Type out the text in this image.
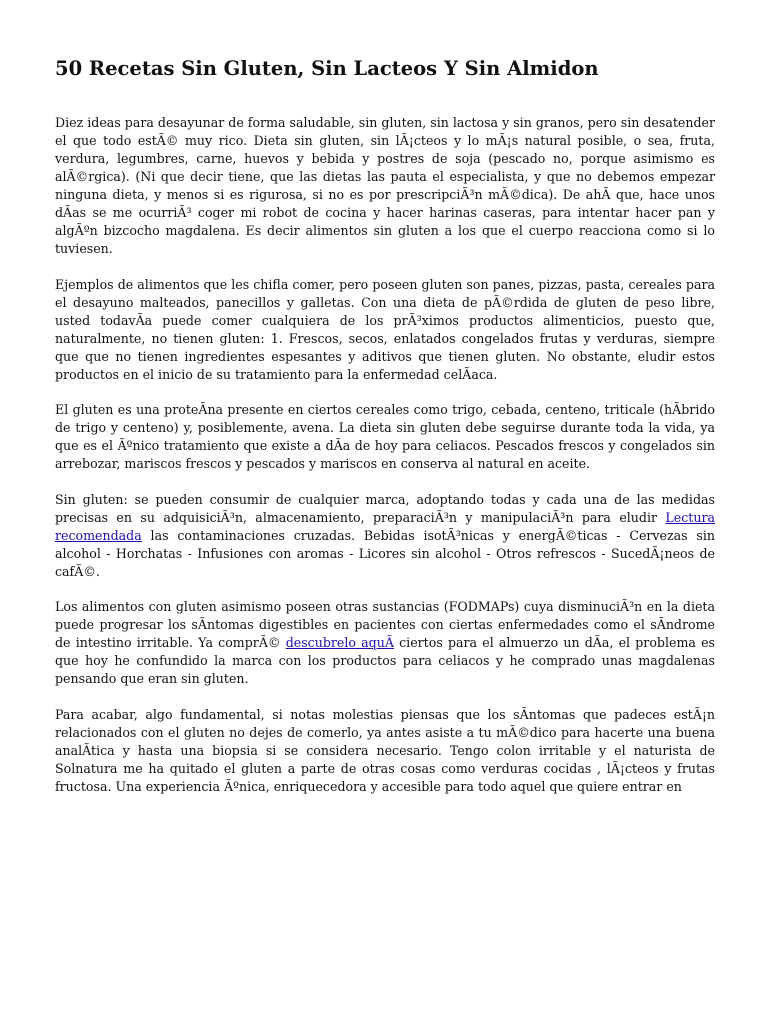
50 Recetas Sin Gluten, Sin Lacteos Y Sin Almidon

Diez ideas para desayunar de forma saludable, sin gluten, sin lactosa y sin granos, pero sin desatender el que todo estÃ© muy rico. Dieta sin gluten, sin lÃ¡cteos y lo mÃ¡s natural posible, o sea, fruta, verdura, legumbres, carne, huevos y bebida y postres de soja (pescado no, porque asimismo es alÃ©rgica). (Ni que decir tiene, que las dietas las pauta el especialista, y que no debemos empezar ninguna dieta, y menos si es rigurosa, si no es por prescripciÃ³n mÃ©dica). De ahÃ que, hace unos dÃas se me ocurriÃ³ coger mi robot de cocina y hacer harinas caseras, para intentar hacer pan y algÃºn bizcocho magdalena. Es decir alimentos sin gluten a los que el cuerpo reacciona como si lo tuviesen.

Ejemplos de alimentos que les chifla comer, pero poseen gluten son panes, pizzas, pasta, cereales para el desayuno malteados, panecillos y galletas. Con una dieta de pÃ©rdida de gluten de peso libre, usted todavÃa puede comer cualquiera de los prÃ³ximos productos alimenticios, puesto que, naturalmente, no tienen gluten: 1. Frescos, secos, enlatados congelados frutas y verduras, siempre que que no tienen ingredientes espesantes y aditivos que tienen gluten. No obstante, eludir estos productos en el inicio de su tratamiento para la enfermedad celÃaca.

El gluten es una proteÃna presente en ciertos cereales como trigo, cebada, centeno, triticale (hÃbrido de trigo y centeno) y, posiblemente, avena. La dieta sin gluten debe seguirse durante toda la vida, ya que es el Ãºnico tratamiento que existe a dÃa de hoy para celiacos. Pescados frescos y congelados sin arrebozar, mariscos frescos y pescados y mariscos en conserva al natural en aceite.

Sin gluten: se pueden consumir de cualquier marca, adoptando todas y cada una de las medidas precisas en su adquisiciÃ³n, almacenamiento, preparaciÃ³n y manipulaciÃ³n para eludir Lectura recomendada las contaminaciones cruzadas. Bebidas isotÃ³nicas y energÃ©ticas - Cervezas sin alcohol - Horchatas - Infusiones con aromas - Licores sin alcohol - Otros refrescos - SucedÃ¡neos de cafÃ©.

Los alimentos con gluten asimismo poseen otras sustancias (FODMAPs) cuya disminuciÃ³n en la dieta puede progresar los sÃntomas digestibles en pacientes con ciertas enfermedades como el sÃndrome de intestino irritable. Ya comprÃ© descubrelo aquÃ ciertos para el almuerzo un dÃa, el problema es que hoy he confundido la marca con los productos para celiacos y he comprado unas magdalenas pensando que eran sin gluten.

Para acabar, algo fundamental, si notas molestias piensas que los sÃntomas que padeces estÃ¡n relacionados con el gluten no dejes de comerlo, ya antes asiste a tu mÃ©dico para hacerte una buena analÃtica y hasta una biopsia si se considera necesario. Tengo colon irritable y el naturista de Solnatura me ha quitado el gluten a parte de otras cosas como verduras cocidas , lÃ¡cteos y frutas fructosa. Una experiencia Ãºnica, enriquecedora y accesible para todo aquel que quiere entrar en
